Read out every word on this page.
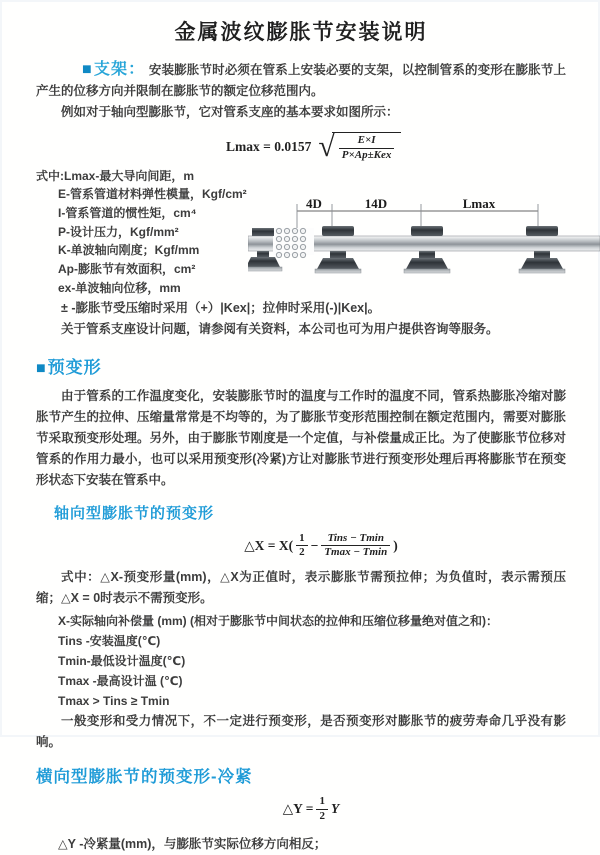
金属波纹膨胀节安装说明

■支架： 安装膨胀节时必须在管系上安装必要的支架，以控制管系的变形在膨胀节上产生的位移方向并限制在膨胀节的额定位移范围内。

例如对于轴向型膨胀节，它对管系支座的基本要求如图所示：

Lmax = 0.0157 √ $\frac{E\times I}{\text{P×Ap±Kex}}$
式中:Lmax-最大导向间距，m
E-管系管道材料弹性模量，Kgf/cm²
I-管系管道的惯性矩，cm⁴
P-设计压力，Kgf/mm²
K-单波轴向刚度；Kgf/mm
Ap-膨胀节有效面积，cm²
ex-单波轴向位移，mm
4D	14D	Lmax

± -膨胀节受压缩时采用（+）|Kex|；拉伸时采用(-)|Kex|。

关于管系支座设计问题，请参阅有关资料，本公司也可为用户提供咨询等服务。

■预变形

由于管系的工作温度变化，安装膨胀节时的温度与工作时的温度不同，管系热膨胀冷缩对膨胀节产生的拉伸、压缩量常常是不均等的，为了膨胀节变形范围控制在额定范围内，需要对膨胀节采取预变形处理。另外，由于膨胀节刚度是一个定值，与补偿量成正比。为了使膨胀节位移对管系的作用力最小，也可以采用预变形(冷紧)方让对膨胀节进行预变形处理后再将膨胀节在预变形状态下安装在管系中。

轴向型膨胀节的预变形
△X = $X( \frac{1}{2} - \frac{\text{Tins − Tmin}}{Tmax - Tmin}$ )

式中：△X-预变形量(mm)，△X为正值时，表示膨胀节需预拉伸；为负值时，表示需预压缩；△X = 0时表示不需预变形。

X-实际轴向补偿量 (mm) (相对于膨胀节中间状态的拉伸和压缩位移量绝对值之和)：
Tins -安装温度(℃)
Tmin-最低设计温度(℃)
Tmax -最高设计温 (℃)
Tmax > Tins ≥ Tmin

一般变形和受力情况下，不一定进行预变形，是否预变形对膨胀节的疲劳寿命几乎没有影响。

横向型膨胀节的预变形-冷紧
△Y = $\frac{1}{2}$ Y

△Y -冷紧量(mm)，与膨胀节实际位移方向相反；
